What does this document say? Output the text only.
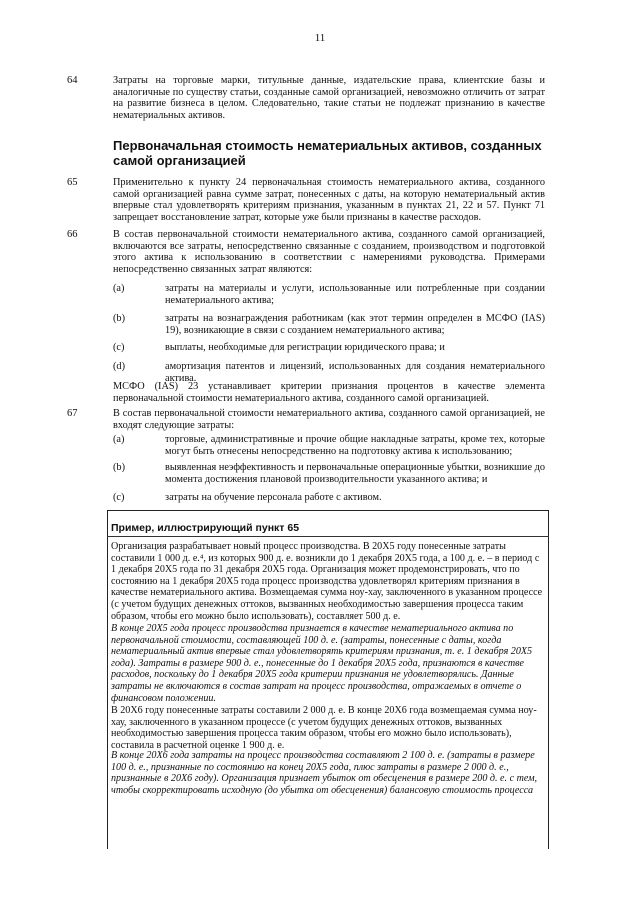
11
64	Затраты на торговые марки, титульные данные, издательские права, клиентские базы и аналогичные по существу статьи, созданные самой организацией, невозможно отличить от затрат на развитие бизнеса в целом. Следовательно, такие статьи не подлежат признанию в качестве нематериальных активов.
Первоначальная стоимость нематериальных активов, созданных самой организацией
65	Применительно к пункту 24 первоначальная стоимость нематериального актива, созданного самой организацией равна сумме затрат, понесенных с даты, на которую нематериальный актив впервые стал удовлетворять критериям признания, указанным в пунктах 21, 22 и 57. Пункт 71 запрещает восстановление затрат, которые уже были признаны в качестве расходов.
66	В состав первоначальной стоимости нематериального актива, созданного самой организацией, включаются все затраты, непосредственно связанные с созданием, производством и подготовкой этого актива к использованию в соответствии с намерениями руководства. Примерами непосредственно связанных затрат являются:
(a)	затраты на материалы и услуги, использованные или потребленные при создании нематериального актива;
(b)	затраты на вознаграждения работникам (как этот термин определен в МСФО (IAS) 19), возникающие в связи с созданием нематериального актива;
(c)	выплаты, необходимые для регистрации юридического права; и
(d)	амортизация патентов и лицензий, использованных для создания нематериального актива.
МСФО (IAS) 23 устанавливает критерии признания процентов в качестве элемента первоначальной стоимости нематериального актива, созданного самой организацией.
67	В состав первоначальной стоимости нематериального актива, созданного самой организацией, не входят следующие затраты:
(a)	торговые, административные и прочие общие накладные затраты, кроме тех, которые могут быть отнесены непосредственно на подготовку актива к использованию;
(b)	выявленная неэффективность и первоначальные операционные убытки, возникшие до момента достижения плановой производительности указанного актива; и
(c)	затраты на обучение персонала работе с активом.
Пример, иллюстрирующий пункт 65
Организация разрабатывает новый процесс производства. В 20X5 году понесенные затраты составили 1 000 д. е.⁴, из которых 900 д. е. возникли до 1 декабря 20X5 года, а 100 д. е. – в период с 1 декабря 20X5 года по 31 декабря 20X5 года. Организация может продемонстрировать, что по состоянию на 1 декабря 20X5 года процесс производства удовлетворял критериям признания в качестве нематериального актива. Возмещаемая сумма ноу-хау, заключенного в указанном процессе (с учетом будущих денежных оттоков, вызванных необходимостью завершения процесса таким образом, чтобы его можно было использовать), составляет 500 д. е.
В конце 20X5 года процесс производства признается в качестве нематериального актива по первоначальной стоимости, составляющей 100 д. е. (затраты, понесенные с даты, когда нематериальный актив впервые стал удовлетворять критериям признания, т. е. 1 декабря 20X5 года). Затраты в размере 900 д. е., понесенные до 1 декабря 20X5 года, признаются в качестве расходов, поскольку до 1 декабря 20X5 года критерии признания не удовлетворялись. Данные затраты не включаются в состав затрат на процесс производства, отражаемых в отчете о финансовом положении.
В 20X6 году понесенные затраты составили 2 000 д. е. В конце 20X6 года возмещаемая сумма ноу-хау, заключенного в указанном процессе (с учетом будущих денежных оттоков, вызванных необходимостью завершения процесса таким образом, чтобы его можно было использовать), составила в расчетной оценке 1 900 д. е.
В конце 20X6 года затраты на процесс производства составляют 2 100 д. е. (затраты в размере 100 д. е., признанные по состоянию на конец 20X5 года, плюс затраты в размере 2 000 д. е., признанные в 20X6 году). Организация признает убыток от обесценения в размере 200 д. е. с тем, чтобы скорректировать исходную (до убытка от обесценения) балансовую стоимость процесса
